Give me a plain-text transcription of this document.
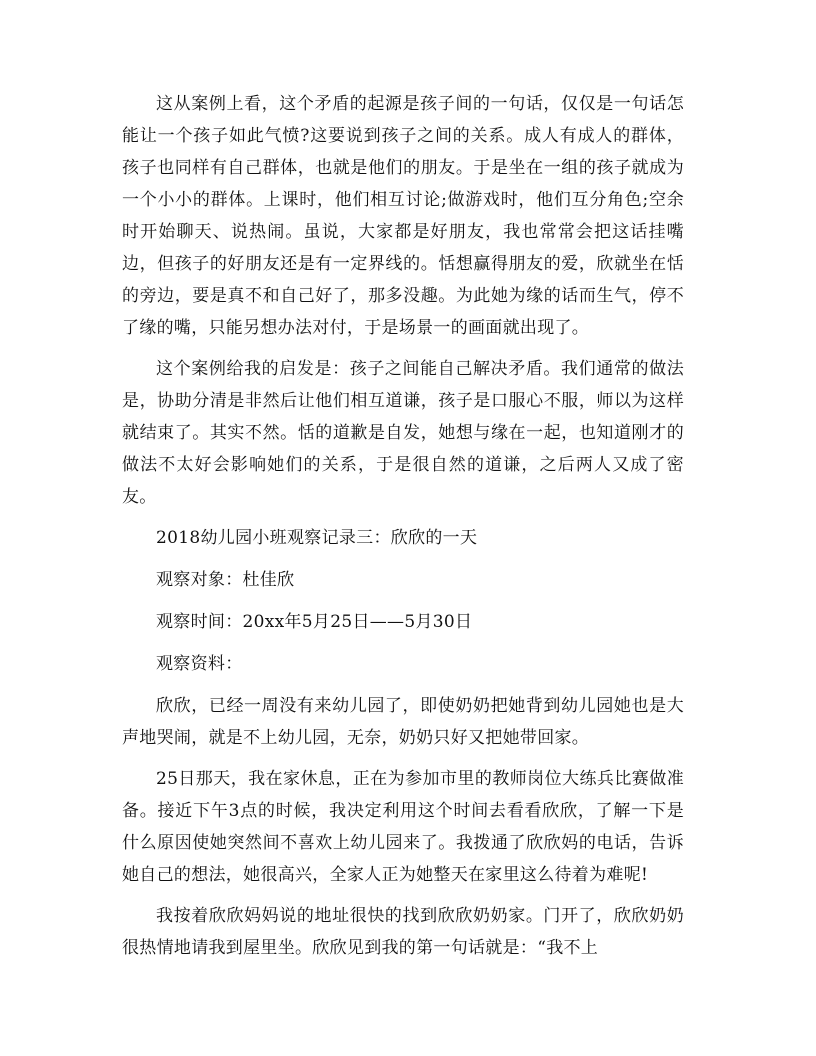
这从案例上看，这个矛盾的起源是孩子间的一句话，仅仅是一句话怎能让一个孩子如此气愤?这要说到孩子之间的关系。成人有成人的群体，孩子也同样有自己群体，也就是他们的朋友。于是坐在一组的孩子就成为一个小小的群体。上课时，他们相互讨论;做游戏时，他们互分角色;空余时开始聊天、说热闹。虽说，大家都是好朋友，我也常常会把这话挂嘴边，但孩子的好朋友还是有一定界线的。恬想赢得朋友的爱，欣就坐在恬的旁边，要是真不和自己好了，那多没趣。为此她为缘的话而生气，停不了缘的嘴，只能另想办法对付，于是场景一的画面就出现了。

这个案例给我的启发是：孩子之间能自己解决矛盾。我们通常的做法是，协助分清是非然后让他们相互道谦，孩子是口服心不服，师以为这样就结束了。其实不然。恬的道歉是自发，她想与缘在一起，也知道刚才的做法不太好会影响她们的关系，于是很自然的道谦，之后两人又成了密友。

2018幼儿园小班观察记录三：欣欣的一天

观察对象：杜佳欣

观察时间：20xx年5月25日——5月30日

观察资料：

欣欣，已经一周没有来幼儿园了，即使奶奶把她背到幼儿园她也是大声地哭闹，就是不上幼儿园，无奈，奶奶只好又把她带回家。

25日那天，我在家休息，正在为参加市里的教师岗位大练兵比赛做准备。接近下午3点的时候，我决定利用这个时间去看看欣欣，了解一下是什么原因使她突然间不喜欢上幼儿园来了。我拨通了欣欣妈的电话，告诉她自己的想法，她很高兴，全家人正为她整天在家里这么待着为难呢!

我按着欣欣妈妈说的地址很快的找到欣欣奶奶家。门开了，欣欣奶奶很热情地请我到屋里坐。欣欣见到我的第一句话就是：“我不上
